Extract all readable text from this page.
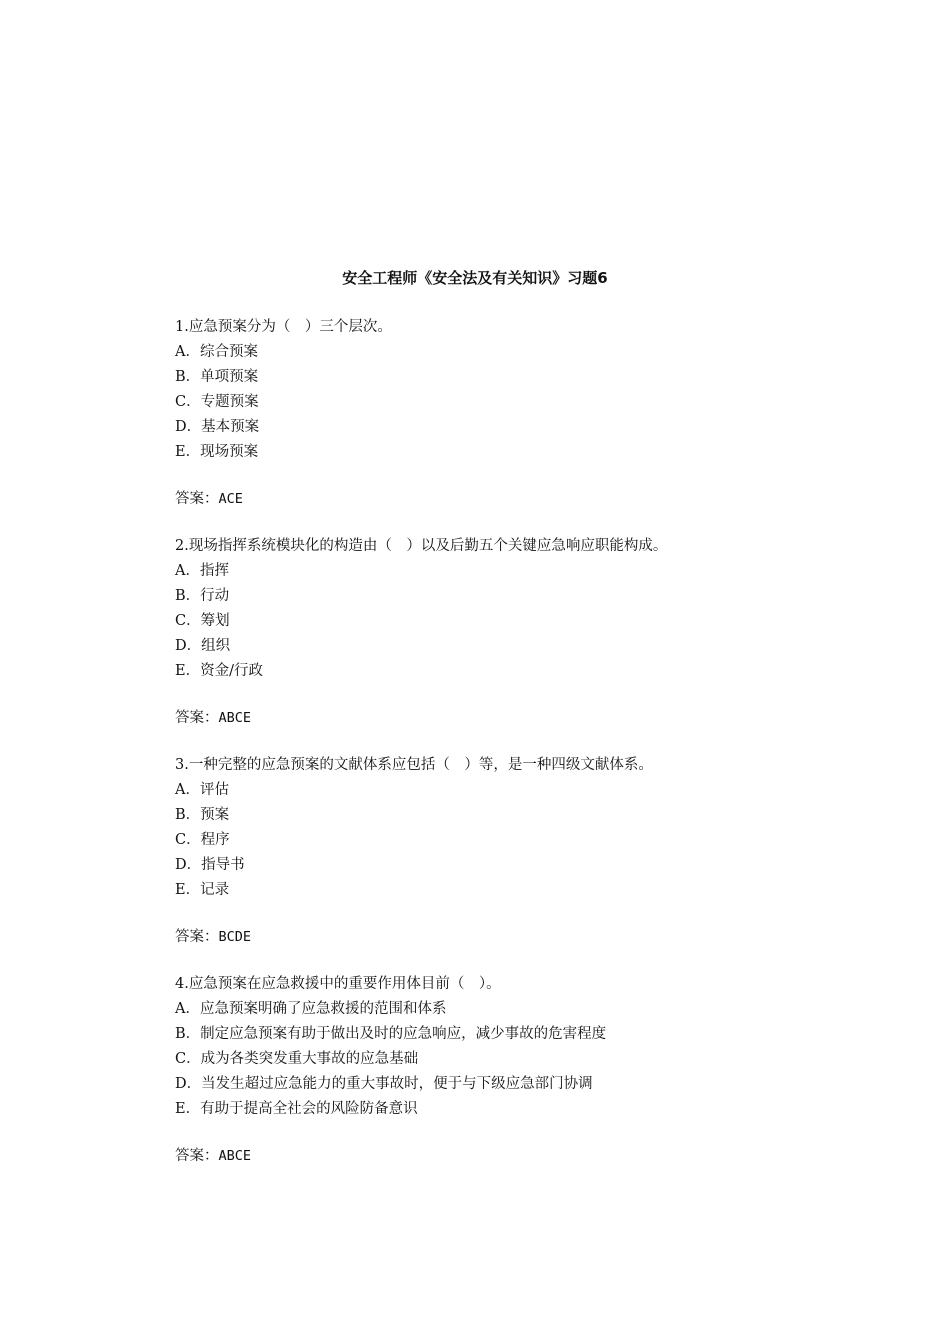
安全工程师《安全法及有关知识》习题6

1.应急预案分为（　）三个层次。

A．综合预案

B．单项预案

C．专题预案

D．基本预案

E．现场预案

答案：ACE

2.现场指挥系统模块化的构造由（　）以及后勤五个关键应急响应职能构成。

A．指挥

B．行动

C．筹划

D．组织

E．资金/行政

答案：ABCE

3.一种完整的应急预案的文献体系应包括（　）等，是一种四级文献体系。

A．评估

B．预案

C．程序

D．指导书

E．记录

答案：BCDE

4.应急预案在应急救援中的重要作用体目前（　）。

A．应急预案明确了应急救援的范围和体系

B．制定应急预案有助于做出及时的应急响应，减少事故的危害程度

C．成为各类突发重大事故的应急基础

D．当发生超过应急能力的重大事故时，便于与下级应急部门协调

E．有助于提高全社会的风险防备意识

答案：ABCE
